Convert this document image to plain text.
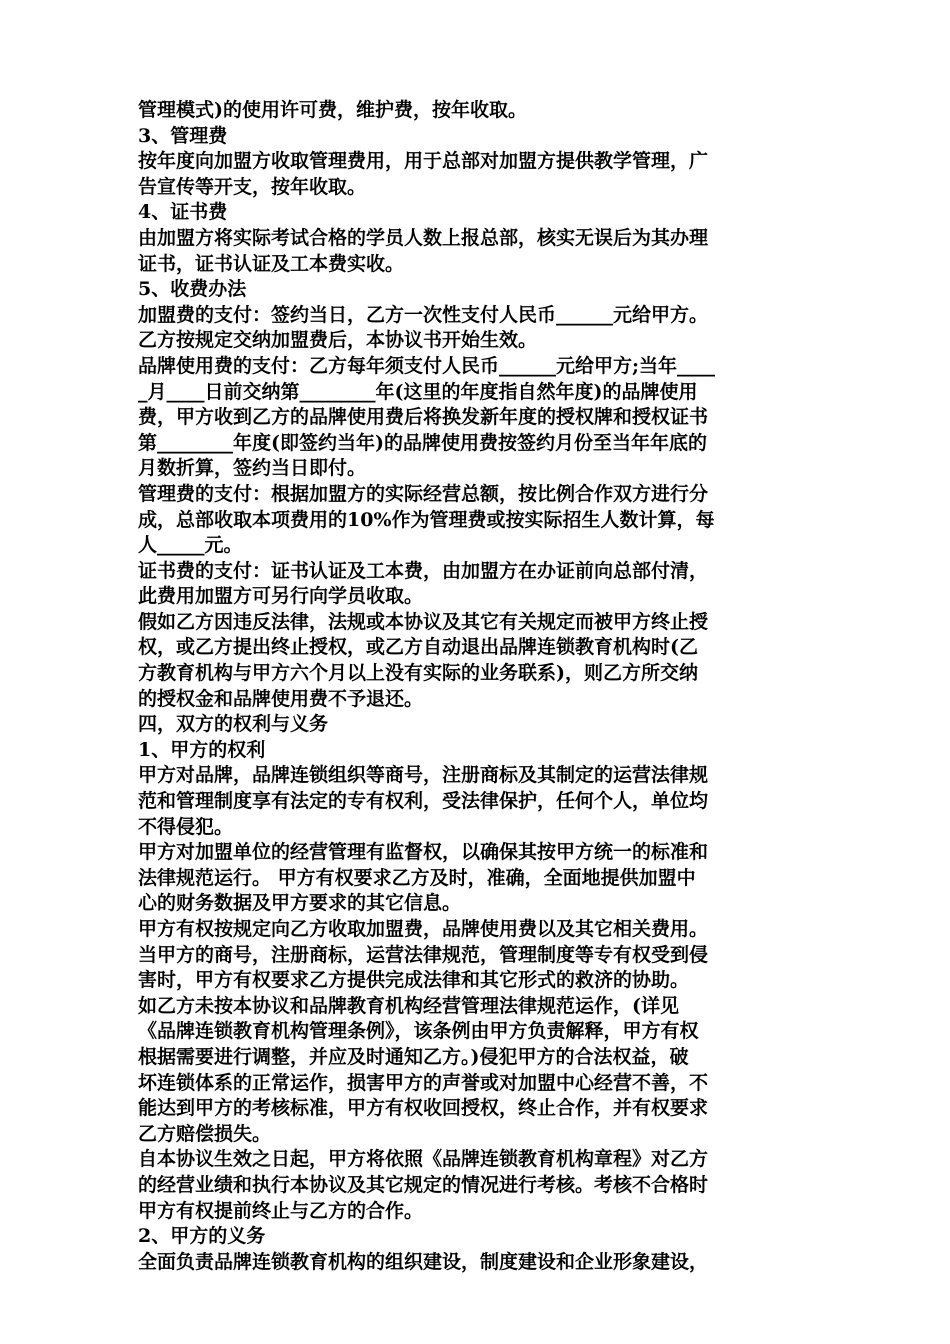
管理模式)的使用许可费，维护费，按年收取。
3、管理费
按年度向加盟方收取管理费用，用于总部对加盟方提供教学管理，广
告宣传等开支，按年收取。
4、证书费
由加盟方将实际考试合格的学员人数上报总部，核实无误后为其办理
证书，证书认证及工本费实收。
5、收费办法
加盟费的支付：签约当日，乙方一次性支付人民币______元给甲方。
乙方按规定交纳加盟费后，本协议书开始生效。
品牌使用费的支付：乙方每年须支付人民币______元给甲方;当年____
_月____日前交纳第________年(这里的年度指自然年度)的品牌使用
费，甲方收到乙方的品牌使用费后将换发新年度的授权牌和授权证书
第________年度(即签约当年)的品牌使用费按签约月份至当年年底的
月数折算，签约当日即付。
管理费的支付：根据加盟方的实际经营总额，按比例合作双方进行分
成，总部收取本项费用的10%作为管理费或按实际招生人数计算，每
人_____元。
证书费的支付：证书认证及工本费，由加盟方在办证前向总部付清，
此费用加盟方可另行向学员收取。
假如乙方因违反法律，法规或本协议及其它有关规定而被甲方终止授
权，或乙方提出终止授权，或乙方自动退出品牌连锁教育机构时(乙
方教育机构与甲方六个月以上没有实际的业务联系)，则乙方所交纳
的授权金和品牌使用费不予退还。
四，双方的权利与义务
1、甲方的权利
甲方对品牌，品牌连锁组织等商号，注册商标及其制定的运营法律规
范和管理制度享有法定的专有权利，受法律保护，任何个人，单位均
不得侵犯。
甲方对加盟单位的经营管理有监督权，以确保其按甲方统一的标准和
法律规范运行。 甲方有权要求乙方及时，准确，全面地提供加盟中
心的财务数据及甲方要求的其它信息。
甲方有权按规定向乙方收取加盟费，品牌使用费以及其它相关费用。
当甲方的商号，注册商标，运营法律规范，管理制度等专有权受到侵
害时，甲方有权要求乙方提供完成法律和其它形式的救济的协助。
如乙方未按本协议和品牌教育机构经营管理法律规范运作，(详见
《品牌连锁教育机构管理条例》，该条例由甲方负责解释，甲方有权
根据需要进行调整，并应及时通知乙方。)侵犯甲方的合法权益，破
坏连锁体系的正常运作，损害甲方的声誉或对加盟中心经营不善，不
能达到甲方的考核标准，甲方有权收回授权，终止合作，并有权要求
乙方赔偿损失。
自本协议生效之日起，甲方将依照《品牌连锁教育机构章程》对乙方
的经营业绩和执行本协议及其它规定的情况进行考核。考核不合格时
甲方有权提前终止与乙方的合作。
2、甲方的义务
全面负责品牌连锁教育机构的组织建设，制度建设和企业形象建设，
